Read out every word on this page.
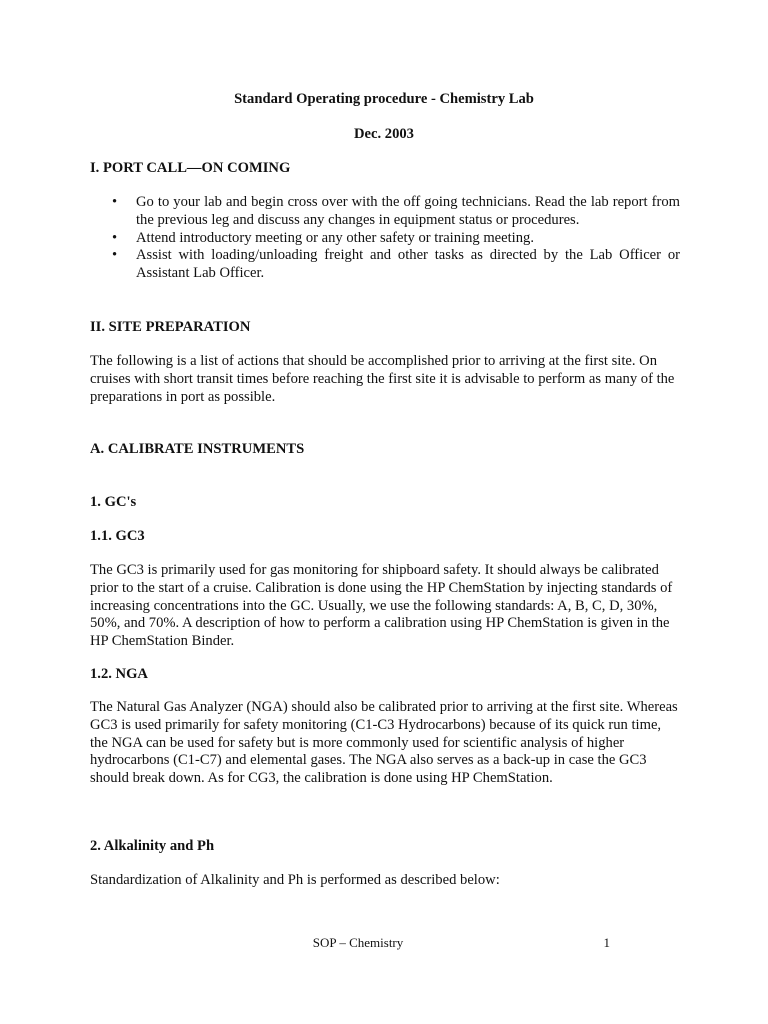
Standard Operating procedure - Chemistry Lab

Dec. 2003

I. PORT CALL—ON COMING

• Go to your lab and begin cross over with the off going technicians. Read the lab report from the previous leg and discuss any changes in equipment status or procedures.
• Attend introductory meeting or any other safety or training meeting.
• Assist with loading/unloading freight and other tasks as directed by the Lab Officer or Assistant Lab Officer.

II. SITE PREPARATION

The following is a list of actions that should be accomplished prior to arriving at the first site. On cruises with short transit times before reaching the first site it is advisable to perform as many of the preparations in port as possible.

A. CALIBRATE INSTRUMENTS

1. GC's

1.1. GC3

The GC3 is primarily used for gas monitoring for shipboard safety. It should always be calibrated prior to the start of a cruise. Calibration is done using the HP ChemStation by injecting standards of increasing concentrations into the GC. Usually, we use the following standards: A, B, C, D, 30%, 50%, and 70%. A description of how to perform a calibration using HP ChemStation is given in the HP ChemStation Binder.

1.2. NGA

The Natural Gas Analyzer (NGA) should also be calibrated prior to arriving at the first site. Whereas GC3 is used primarily for safety monitoring (C1-C3 Hydrocarbons) because of its quick run time, the NGA can be used for safety but is more commonly used for scientific analysis of higher hydrocarbons (C1-C7) and elemental gases. The NGA also serves as a back-up in case the GC3 should break down. As for CG3, the calibration is done using HP ChemStation.

2. Alkalinity and Ph

Standardization of Alkalinity and Ph is performed as described below:

SOP – Chemistry	1
